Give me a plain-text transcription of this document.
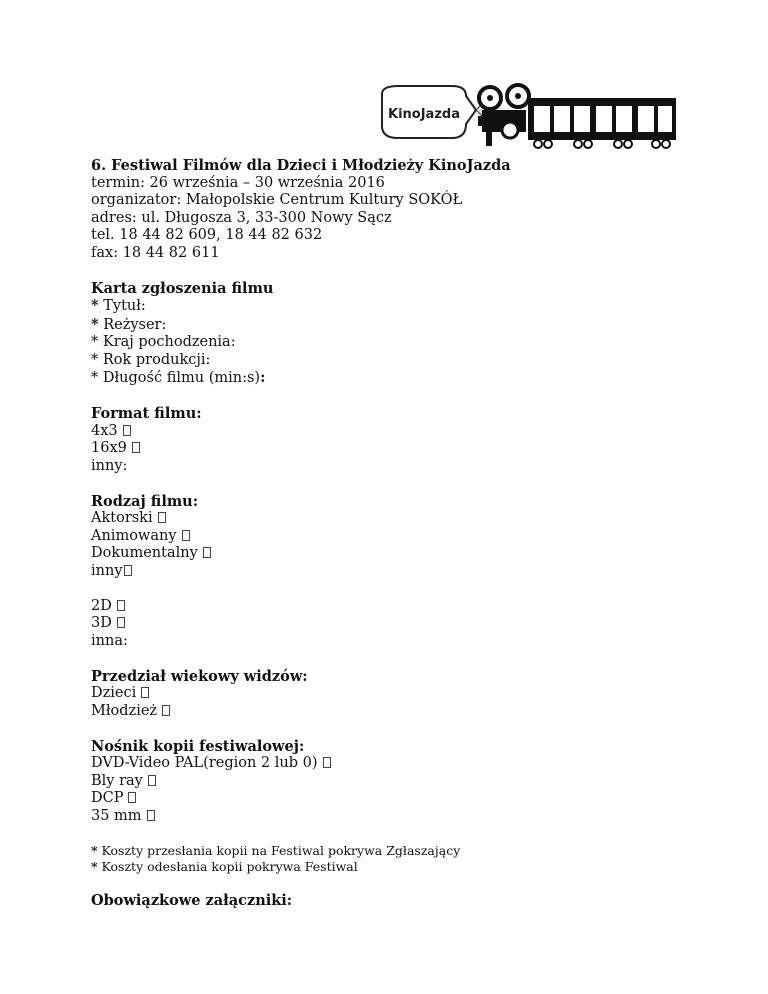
KinoJazda
6. Festiwal Filmów dla Dzieci i Młodzieży KinoJazda
termin: 26 września – 30 września 2016
organizator: Małopolskie Centrum Kultury SOKÓŁ
adres: ul. Długosza 3, 33-300 Nowy Sącz
tel. 18 44 82 609, 18 44 82 632
fax: 18 44 82 611
Karta zgłoszenia filmu
* Tytuł:
* Reżyser:
* Kraj pochodzenia:
* Rok produkcji:
* Długość filmu (min:s):
Format filmu:
4x3
16x9
inny:
Rodzaj filmu:
Aktorski
Animowany
Dokumentalny
inny
2D
3D
inna:
Przedział wiekowy widzów:
Dzieci
Młodzież
Nośnik kopii festiwalowej:
DVD-Video PAL(region 2 lub 0)
Bly ray
DCP
35 mm
* Koszty przesłania kopii na Festiwal pokrywa Zgłaszający
* Koszty odesłania kopii pokrywa Festiwal
Obowiązkowe załączniki:
